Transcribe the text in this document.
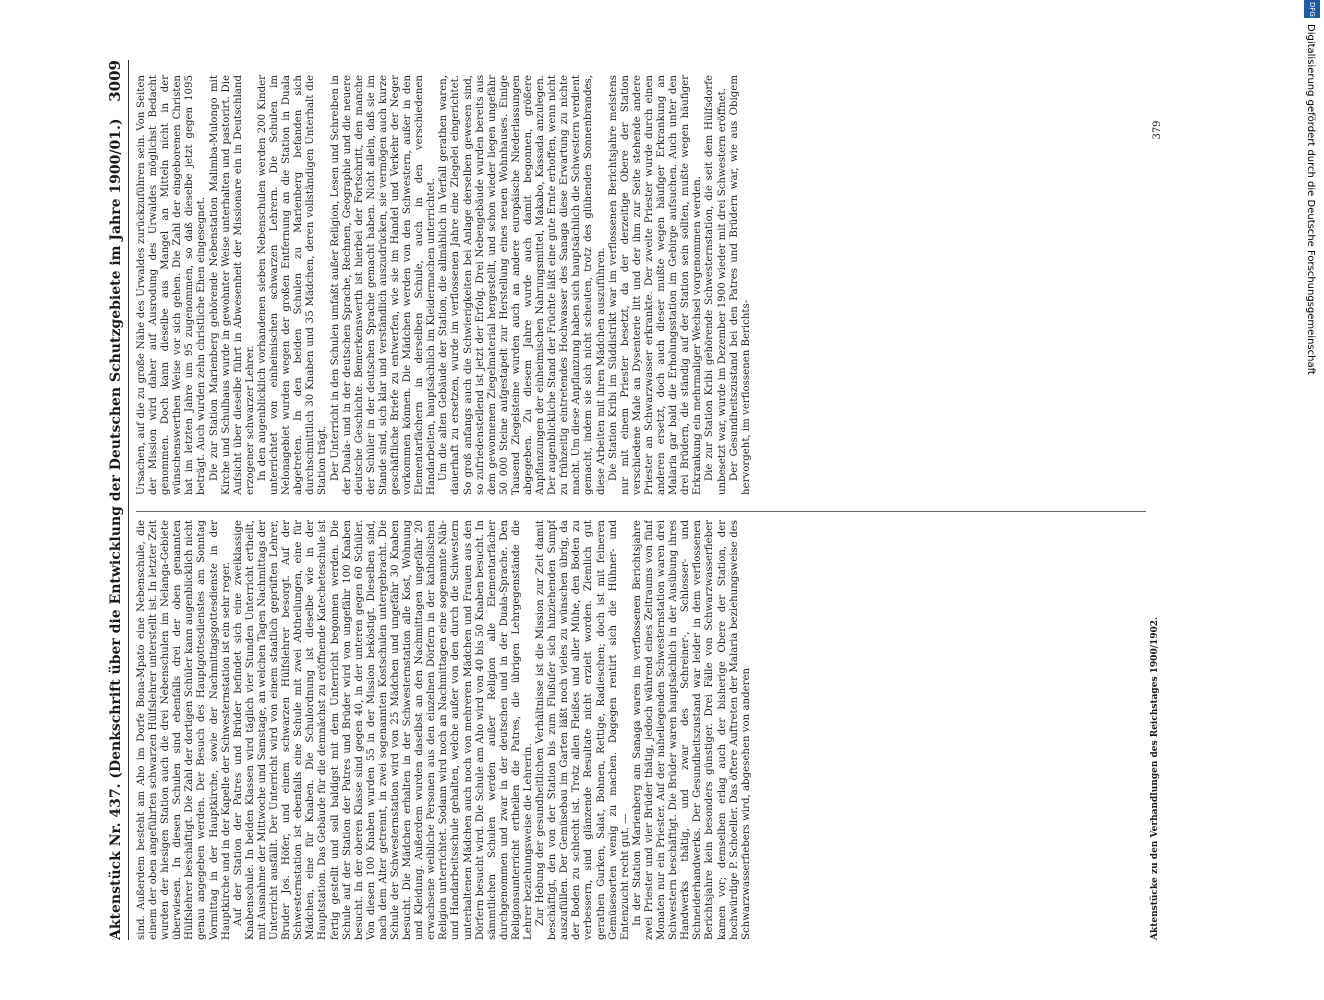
Aktenstück Nr. 437. (Denkschrift über die Entwicklung der Deutschen Schutzgebiete im Jahre 1900/01.)
3009

sind. Außerdem besteht am Aho im Dorfe Bona-Mpato eine Nebenschule, die einem der oben angeführten schwarzen Hülfslehrer unterstellt ist. In letzter Zeit wurden der hiesigen Station auch die drei Nebenschulen im Nelanga-Gebiete überwiesen. In diesen Schulen sind ebenfalls drei der oben genannten Hülfslehrer beschäftigt. Die Zahl der dortigen Schüler kann augenblicklich nicht genau angegeben werden. Der Besuch des Hauptgottesdienstes am Sonntag Vormittag in der Hauptkirche, sowie der Nachmittagsgottesdienste in der Hauptkirche und in der Kapelle der Schwesternstation ist ein sehr reger. Auf der Station der Patres und Brüder befindet sich eine zweiklassige Knabenschule. In beiden Klassen wird täglich vier Stunden Unterricht ertheilt, mit Ausnahme der Mittwoche und Samstage, an welchen Tagen Nachmittags der Unterricht ausfällt. Der Unterricht wird von einem staatlich geprüften Lehrer, Bruder Jos. Höfer, und einem schwarzen Hülfslehrer besorgt. Auf der Schwesternstation ist ebenfalls eine Schule mit zwei Abtheilungen, eine für Mädchen, eine für Knaben. Die Schulordnung ist dieselbe wie in der Hauptstation. Das Gebäude für die demnächst zu eröffnende Katecheteschule ist fertig gestellt und soll baldigst mit dem Unterricht begonnen werden. Die Schule auf der Station der Patres und Brüder wird von ungefähr 100 Knaben besucht. In der oberen Klasse sind gegen 40, in der unteren gegen 60 Schüler. Von diesen 100 Knaben wurden 55 in der Mission beköstigt. Dieselben sind, nach dem Alter getrennt, in zwei sogenannten Kostschulen untergebracht. Die Schule der Schwesternstation wird von 25 Mädchen und ungefähr 30 Knaben besucht. Die Mädchen erhalten in der Schwesternstation alle Kost, Wohnung und Kleidung. Außerdem wurden daselbst an den Nachmittagen ungefähr 20 erwachsene weibliche Personen aus den einzelnen Dörfern in der katholischen Religion unterrichtet. Sodann wird noch an Nachmittagen eine sogenannte Näh- und Handarbeitsschule gehalten, welche außer von den durch die Schwestern unterhaltenen Mädchen auch noch von mehreren Mädchen und Frauen aus den Dörfern besucht wird. Die Schule am Aho wird von 40 bis 50 Knaben besucht. In sämmtlichen Schulen werden außer Religion alle Elementarfächer durchgenommen und zwar in der deutschen und in der Duala-Sprache. Den Religionsunterricht ertheilen die Patres, die übrigen Lehrgegenstände die Lehrer beziehungsweise die Lehrerin. Zur Hebung der gesundheitlichen Verhältnisse ist die Mission zur Zeit damit beschäftigt, den von der Station bis zum Flußufer sich hinziehenden Sumpf auszufüllen. Der Gemüsebau im Garten läßt noch vieles zu wünschen übrig, da der Boden zu schlecht ist. Trotz allen Fleißes und aller Mühe, den Boden zu verbessern, sind glänzende Resultate nicht erzielt worden. Ziemlich gut gerathen Gurken, Salat, Bohnen, Rettige, Radieschen; doch ist mit feineren Gemüsesorten wenig zu machen. Dagegen rentirt sich die Hühner- und Entenzucht recht gut. — In der Station Marienberg am Sanaga waren im verflossenen Berichtsjahre zwei Priester und vier Brüder thätig, jedoch während eines Zeitraums von fünf Monaten nur ein Priester. Auf der naheliegenden Schwesternstation waren drei Schwestern beschäftigt. Die Brüder waren hauptsächlich in der Ausübung ihres Handwerks thätig, und zwar des Schreiner-, Schlosser- und Schneiderhandwerks. Der Gesundheitszustand war leider in dem verflossenen Berichtsjahre kein besonders günstiger. Drei Fälle von Schwarzwasserfieber kamen vor; demselben erlag auch der bisherige Obere der Station, der hochwürdige P. Schoeller. Das öftere Auftreten der Malaria beziehungsweise des Schwarzwasserfiebers wird, abgesehen von anderen

Ursachen, auf die zu große Nähe des Urwaldes zurückzuführen sein. Von Seiten der Mission wird daher auf Ausrodung des Urwaldes möglichst Bedacht genommen. Doch kann dieselbe aus Mangel an Mitteln nicht in der wünschenswerthen Weise vor sich gehen. Die Zahl der eingeborenen Christen hat im letzten Jahre um 95 zugenommen, so daß dieselbe jetzt gegen 1095 beträgt. Auch wurden zehn christliche Ehen eingesegnet. Die zur Station Marienberg gehörende Nebenstation Malimba-Mulongo mit Kirche und Schulhaus wurde in gewohnter Weise unterhalten und pastorirt. Die Aufsicht über dieselbe führt in Abwesenheit der Missionare ein in Deutschland erzogener schwarzer Lehrer. In den augenblicklich vorhandenen sieben Nebenschulen werden 200 Kinder unterrichtet von einheimischen schwarzen Lehrern. Die Schulen im Nelonagebiet wurden wegen der großen Entfernung an die Station in Duala abgetreten. In den beiden Schulen zu Marienberg befanden sich durchschnittlich 30 Knaben und 35 Mädchen, deren vollständigen Unterhalt die Station trägt. Der Unterricht in den Schulen umfaßt außer Religion, Lesen und Schreiben in der Duala- und in der deutschen Sprache, Rechnen, Geographie und die neuere deutsche Geschichte. Bemerkenswerth ist hierbei der Fortschritt, den manche der Schüler in der deutschen Sprache gemacht haben. Nicht allein, daß sie im Stande sind, sich klar und verständlich auszudrücken, sie vermögen auch kurze geschäftliche Briefe zu entwerfen, wie sie im Handel und Verkehr der Neger vorkommen können. Die Mädchen werden von den Schwestern, außer in den Elementarfächern in derselben Schule, auch in den verschiedenen Handarbeiten, hauptsächlich im Kleidermachen unterrichtet. Um die alten Gebäude der Station, die allmählich in Verfall gerathen waren, dauerhaft zu ersetzen, wurde im verflossenen Jahre eine Ziegelei eingerichtet. So groß anfangs auch die Schwierigkeiten bei Anlage derselben gewesen sind, so zufriedenstellend ist jetzt der Erfolg. Drei Nebengebäude wurden bereits aus dem gewonnenen Ziegelmaterial hergestellt, und schon wieder liegen ungefähr 50 000 Steine aufgestapelt zur Herstellung eines neuen Wohnhauses. Einige Tausend Ziegelsteine wurden auch an andere europäische Niederlassungen abgegeben. Zu diesem Jahre wurde auch damit begonnen, größere Anpflanzungen der einheimischen Nahrungsmittel, Makabo, Kassada anzulegen. Der augenblickliche Stand der Früchte läßt eine gute Ernte erhoffen, wenn nicht zu frühzeitig eintretendes Hochwasser des Sanaga diese Erwartung zu nichte macht. Um diese Anpflanzung haben sich hauptsächlich die Schwestern verdient gemacht, indem sie sich nicht scheuten, trotz des glühenden Sonnenbrandes, diese Arbeiten mit ihren Mädchen auszuführen. Die Station Kribi im Süddistrikt war im verflossenen Berichtsjahre meistens nur mit einem Priester besetzt, da der derzeitige Obere der Station verschiedene Male an Dysenterie litt und der ihm zur Seite stehende andere Priester an Schwarzwasser erkrankte. Der zweite Priester wurde durch einen anderen ersetzt, doch auch dieser mußte wegen häufiger Erkrankung an Malaria gar bald die Erholungsstation im Gebirge aufsuchen. Auch unter den drei Brüdern, die ständig auf der Station sein sollten, mußte wegen häufiger Erkrankung ein mehrmaliger Wechsel vorgenommen werden. Die zur Station Kribi gehörende Schwesternstation, die seit dem Hülfsdorfe unbesetzt war, wurde im Dezember 1900 wieder mit drei Schwestern eröffnet. Der Gesundheitszustand bei den Patres und Brüdern war, wie aus Obigem hervorgeht, im verflossenen Berichts-

Aktenstücke zu den Verhandlungen des Reichstages 1900/1902.
379
DFG
Digitalisierung gefördert durch die Deutsche Forschungsgemeinschaft
